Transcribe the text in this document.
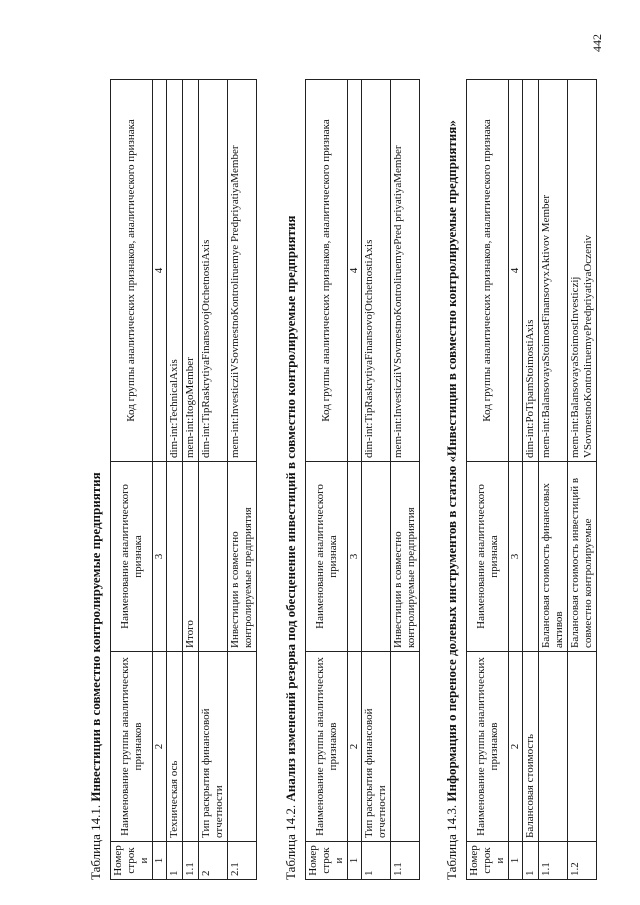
442

Таблица 14.1. Инвестиции в совместно контролируемые предприятия

Номер строки	Наименование группы аналитических признаков	Наименование аналитического признака	Код группы аналитических признаков, аналитического признака
1	2	3	4
1	Техническая ось		dim-int:TechnicalAxis
1.1		Итого	mem-int:ItogoMember
2	Тип раскрытия финансовой отчетности		dim-int:TipRaskrytiyaFinansovojOtchetnostiAxis
2.1		Инвестиции в совместно контролируемые предприятия	mem-int:InvesticziiVSovmestnoKontroliruemye PredpriyatiyaMember

Таблица 14.2. Анализ изменений резерва под обесценение инвестиций в совместно контролируемые предприятия

Номер строки	Наименование группы аналитических признаков	Наименование аналитического признака	Код группы аналитических признаков, аналитического признака
1	2	3	4
1	Тип раскрытия финансовой отчетности		dim-int:TipRaskrytiyaFinansovojOtchetnostiAxis
1.1		Инвестиции в совместно контролируемые предприятия	mem-int:InvesticziiVSovmestnoKontroliruemyePred priyatiyaMember

Таблица 14.3. Информация о переносе долевых инструментов в статью «Инвестиции в совместно контролируемые предприятия»

Номер строки	Наименование группы аналитических признаков	Наименование аналитического признака	Код группы аналитических признаков, аналитического признака
1	2	3	4
1	Балансовая стоимость		dim-int:PoTipamStoimostiAxis
1.1		Балансовая стоимость финансовых активов	mem-int:BalansovayaStoimostFinansovyxAktivov Member
1.2		Балансовая стоимость инвестиций в совместно контролируемые	mem-int:BalansovayaStoimostInvesticzij VSovmestnoKontroliruemyePredpriyatiyaOczeniv
